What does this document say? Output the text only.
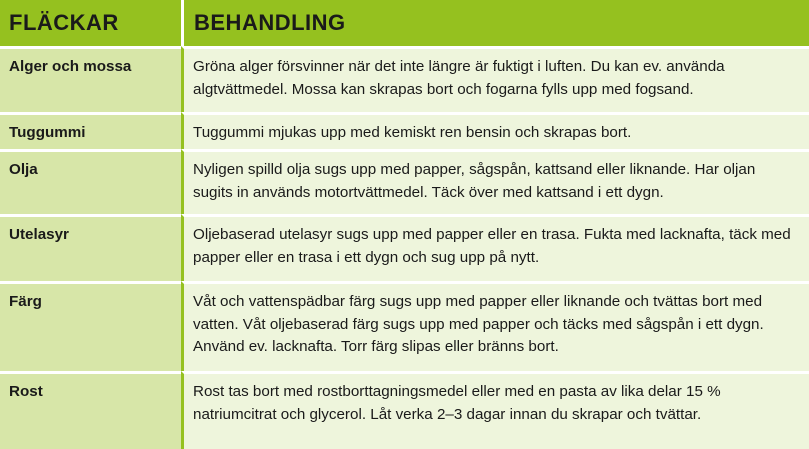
FLÄCKAR	BEHANDLING
Alger och mossa	Gröna alger försvinner när det inte längre är fuktigt i luften. Du kan ev. använda algtvättmedel. Mossa kan skrapas bort och fogarna fylls upp med fogsand.
Tuggummi	Tuggummi mjukas upp med kemiskt ren bensin och skrapas bort.
Olja	Nyligen spilld olja sugs upp med papper, sågspån, kattsand eller liknande. Har oljan sugits in används motortvättmedel. Täck över med kattsand i ett dygn.
Utelasyr	Oljebaserad utelasyr sugs upp med papper eller en trasa. Fukta med lacknafta, täck med papper eller en trasa i ett dygn och sug upp på nytt.
Färg	Våt och vattenspädbar färg sugs upp med papper eller liknande och tvättas bort med vatten. Våt oljebaserad färg sugs upp med papper och täcks med sågspån i ett dygn. Använd ev. lacknafta. Torr färg slipas eller bränns bort.
Rost	Rost tas bort med rostborttagningsmedel eller med en pasta av lika delar 15 % natriumcitrat och glycerol. Låt verka 2–3 dagar innan du skrapar och tvättar.
